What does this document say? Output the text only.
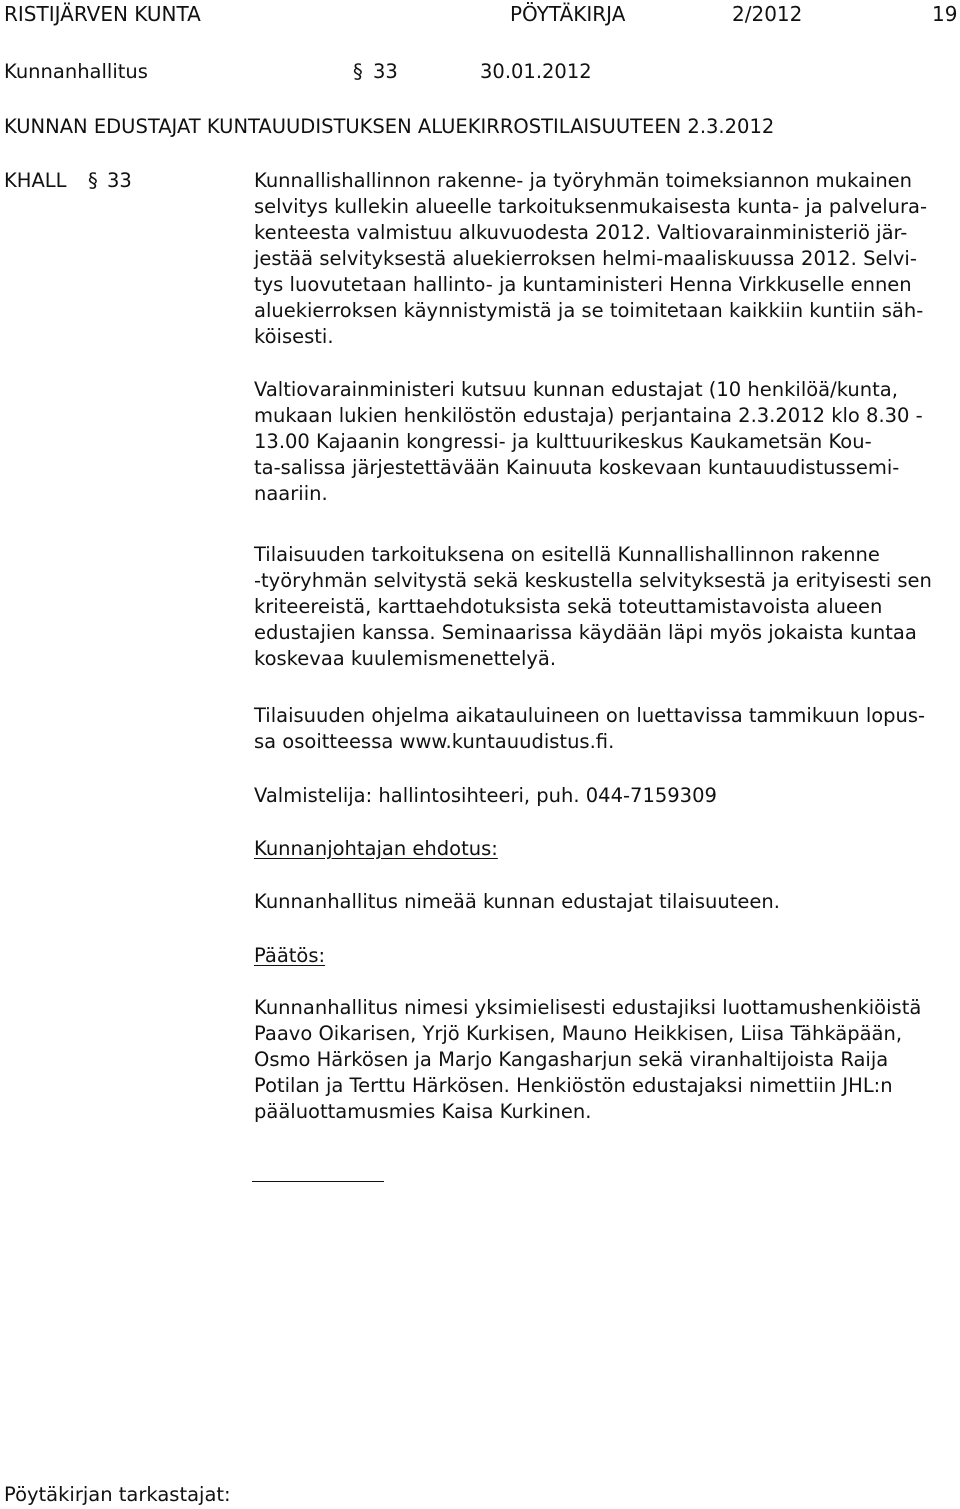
RISTIJÄRVEN KUNTA	PÖYTÄKIRJA	2/2012	19
Kunnanhallitus	§ 33	30.01.2012
KUNNAN EDUSTAJAT KUNTAUUDISTUKSEN ALUEKIRROSTILAISUUTEEN 2.3.2012
KHALL § 33	Kunnallishallinnon rakenne- ja työryhmän toimeksiannon mukainen

selvitys kullekin alueelle tarkoituksenmukaisesta kunta- ja palvelura-

kenteesta valmistuu alkuvuodesta 2012. Valtiovarainministeriö jär-

jestää selvityksestä aluekierroksen helmi-maaliskuussa 2012. Selvi-

tys luovutetaan hallinto- ja kuntaministeri Henna Virkkuselle ennen

aluekierroksen käynnistymistä ja se toimitetaan kaikkiin kuntiin säh-

köisesti.

Valtiovarainministeri kutsuu kunnan edustajat (10 henkilöä/kunta,

mukaan lukien henkilöstön edustaja) perjantaina 2.3.2012 klo 8.30 -

13.00 Kajaanin kongressi- ja kulttuurikeskus Kaukametsän Kou-

ta-salissa järjestettävään Kainuuta koskevaan kuntauudistussemi-

naariin.

Tilaisuuden tarkoituksena on esitellä Kunnallishallinnon rakenne

-työryhmän selvitystä sekä keskustella selvityksestä ja erityisesti sen

kriteereistä, karttaehdotuksista sekä toteuttamistavoista alueen

edustajien kanssa. Seminaarissa käydään läpi myös jokaista kuntaa

koskevaa kuulemismenettelyä.

Tilaisuuden ohjelma aikatauluineen on luettavissa tammikuun lopus-

sa osoitteessa www.kuntauudistus.fi.

Valmistelija: hallintosihteeri, puh. 044-7159309

Kunnanjohtajan ehdotus:

Kunnanhallitus nimeää kunnan edustajat tilaisuuteen.

Päätös:

Kunnanhallitus nimesi yksimielisesti edustajiksi luottamushenkiöistä

Paavo Oikarisen, Yrjö Kurkisen, Mauno Heikkisen, Liisa Tähkäpään,

Osmo Härkösen ja Marjo Kangasharjun sekä viranhaltijoista Raija

Potilan ja Terttu Härkösen. Henkiöstön edustajaksi nimettiin JHL:n

pääluottamusmies Kaisa Kurkinen.

Pöytäkirjan tarkastajat:
